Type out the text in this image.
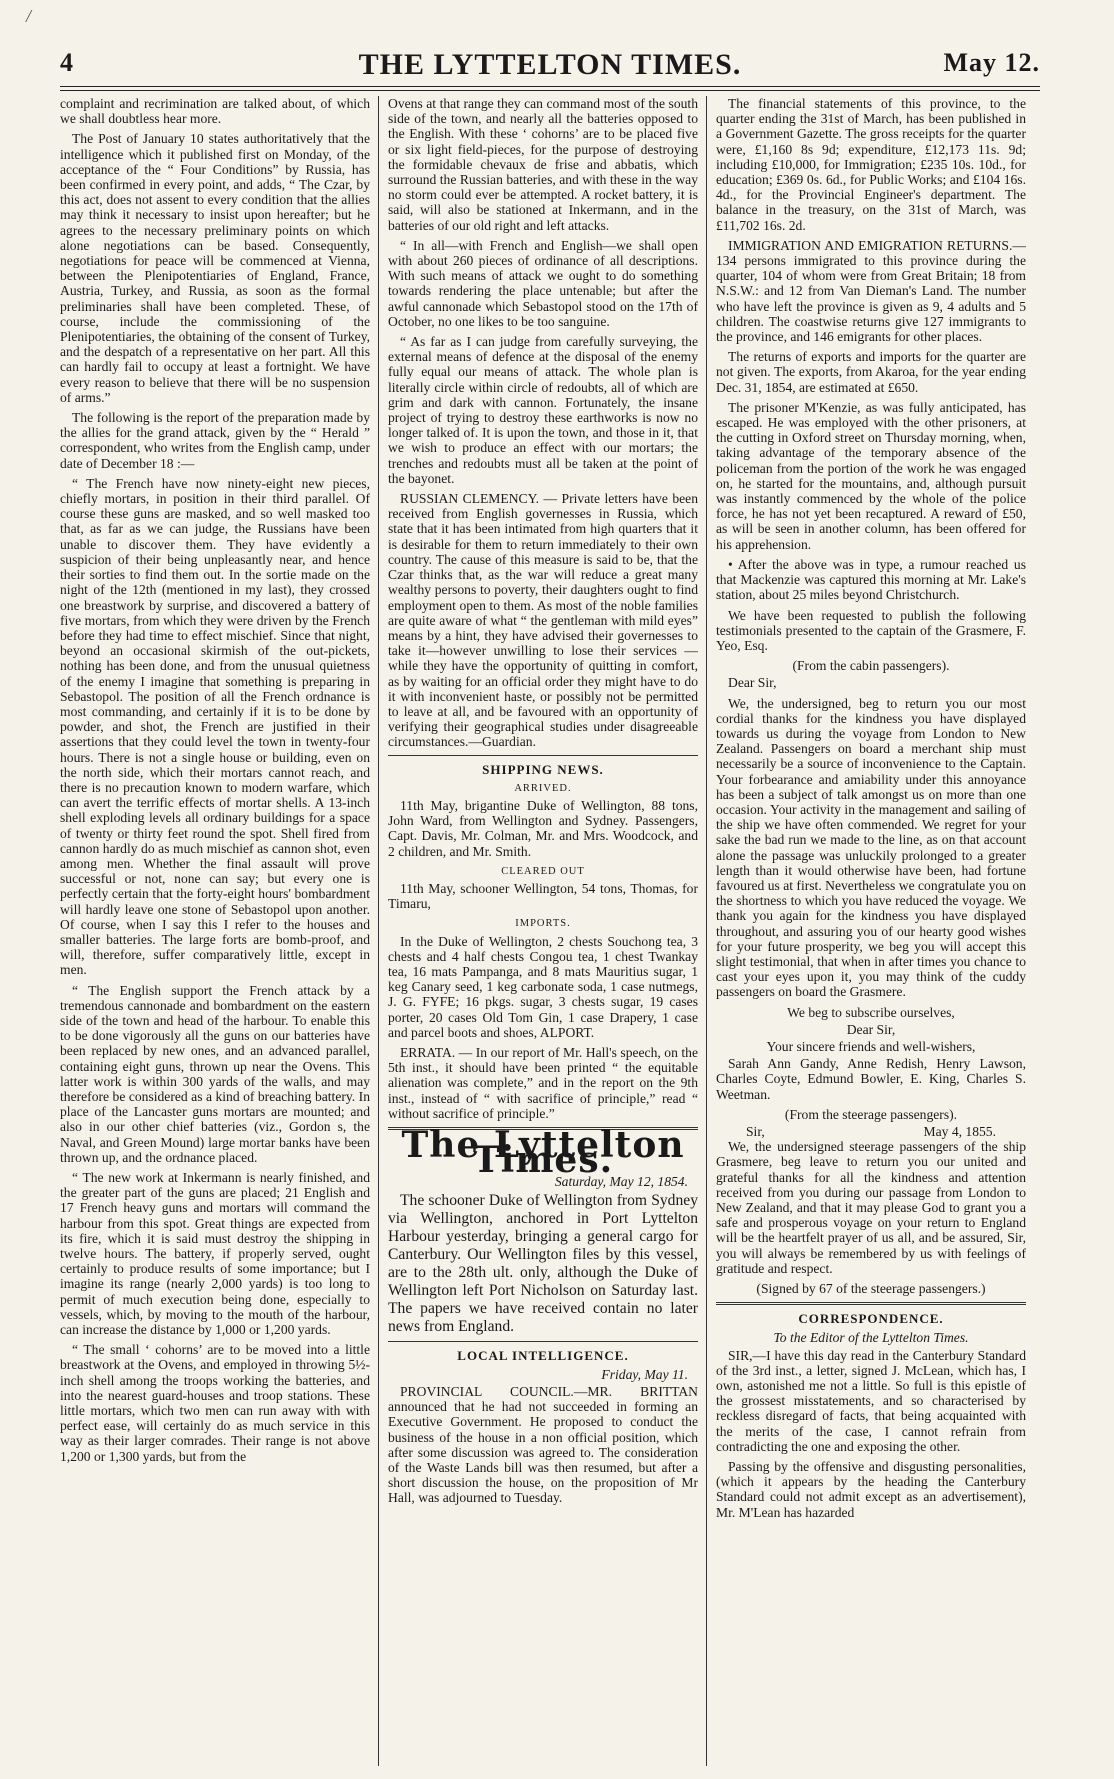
/
THE LYTTELTON TIMES.
4	May 12.

complaint and recrimination are talked about, of which we shall doubtless hear more.

The Post of January 10 states authoritatively that the intelligence which it published first on Monday, of the acceptance of the “ Four Conditions” by Russia, has been confirmed in every point, and adds, “ The Czar, by this act, does not assent to every condition that the allies may think it necessary to insist upon hereafter; but he agrees to the necessary preliminary points on which alone negotiations can be based. Consequently, negotiations for peace will be commenced at Vienna, between the Plenipotentiaries of England, France, Austria, Turkey, and Russia, as soon as the formal preliminaries shall have been completed. These, of course, include the commissioning of the Plenipotentiaries, the obtaining of the consent of Turkey, and the despatch of a representative on her part. All this can hardly fail to occupy at least a fortnight. We have every reason to believe that there will be no suspension of arms.”

The following is the report of the preparation made by the allies for the grand attack, given by the “ Herald ” correspondent, who writes from the English camp, under date of December 18 :—

“ The French have now ninety-eight new pieces, chiefly mortars, in position in their third parallel. Of course these guns are masked, and so well masked too that, as far as we can judge, the Russians have been unable to discover them. They have evidently a suspicion of their being unpleasantly near, and hence their sorties to find them out. In the sortie made on the night of the 12th (mentioned in my last), they crossed one breastwork by surprise, and discovered a battery of five mortars, from which they were driven by the French before they had time to effect mischief. Since that night, beyond an occasional skirmish of the out-pickets, nothing has been done, and from the unusual quietness of the enemy I imagine that something is preparing in Sebastopol. The position of all the French ordnance is most commanding, and certainly if it is to be done by powder, and shot, the French are justified in their assertions that they could level the town in twenty-four hours. There is not a single house or building, even on the north side, which their mortars cannot reach, and there is no precaution known to modern warfare, which can avert the terrific effects of mortar shells. A 13-inch shell exploding levels all ordinary buildings for a space of twenty or thirty feet round the spot. Shell fired from cannon hardly do as much mischief as cannon shot, even among men. Whether the final assault will prove successful or not, none can say; but every one is perfectly certain that the forty-eight hours' bombardment will hardly leave one stone of Sebastopol upon another. Of course, when I say this I refer to the houses and smaller batteries. The large forts are bomb-proof, and will, therefore, suffer comparatively little, except in men.

“ The English support the French attack by a tremendous cannonade and bombardment on the eastern side of the town and head of the harbour. To enable this to be done vigorously all the guns on our batteries have been replaced by new ones, and an advanced parallel, containing eight guns, thrown up near the Ovens. This latter work is within 300 yards of the walls, and may therefore be considered as a kind of breaching battery. In place of the Lancaster guns mortars are mounted; and also in our other chief batteries (viz., Gordon s, the Naval, and Green Mound) large mortar banks have been thrown up, and the ordnance placed.

“ The new work at Inkermann is nearly finished, and the greater part of the guns are placed; 21 English and 17 French heavy guns and mortars will command the harbour from this spot. Great things are expected from its fire, which it is said must destroy the shipping in twelve hours. The battery, if properly served, ought certainly to produce results of some importance; but I imagine its range (nearly 2,000 yards) is too long to permit of much execution being done, especially to vessels, which, by moving to the mouth of the harbour, can increase the distance by 1,000 or 1,200 yards.

“ The small ‘ cohorns’ are to be moved into a little breastwork at the Ovens, and employed in throwing 5½-inch shell among the troops working the batteries, and into the nearest guard-houses and troop stations. These little mortars, which two men can run away with with perfect ease, will certainly do as much service in this way as their larger comrades. Their range is not above 1,200 or 1,300 yards, but from the

Ovens at that range they can command most of the south side of the town, and nearly all the batteries opposed to the English. With these ‘ cohorns’ are to be placed five or six light field-pieces, for the purpose of destroying the formidable chevaux de frise and abbatis, which surround the Russian batteries, and with these in the way no storm could ever be attempted. A rocket battery, it is said, will also be stationed at Inkermann, and in the batteries of our old right and left attacks.

“ In all—with French and English—we shall open with about 260 pieces of ordinance of all descriptions. With such means of attack we ought to do something towards rendering the place untenable; but after the awful cannonade which Sebastopol stood on the 17th of October, no one likes to be too sanguine.

“ As far as I can judge from carefully surveying, the external means of defence at the disposal of the enemy fully equal our means of attack. The whole plan is literally circle within circle of redoubts, all of which are grim and dark with cannon. Fortunately, the insane project of trying to destroy these earthworks is now no longer talked of. It is upon the town, and those in it, that we wish to produce an effect with our mortars; the trenches and redoubts must all be taken at the point of the bayonet.

RUSSIAN CLEMENCY. — Private letters have been received from English governesses in Russia, which state that it has been intimated from high quarters that it is desirable for them to return immediately to their own country. The cause of this measure is said to be, that the Czar thinks that, as the war will reduce a great many wealthy persons to poverty, their daughters ought to find employment open to them. As most of the noble families are quite aware of what “ the gentleman with mild eyes” means by a hint, they have advised their governesses to take it—however unwilling to lose their services —while they have the opportunity of quitting in comfort, as by waiting for an official order they might have to do it with inconvenient haste, or possibly not be permitted to leave at all, and be favoured with an opportunity of verifying their geographical studies under disagreeable circumstances.—Guardian.

SHIPPING NEWS.
ARRIVED.

11th May, brigantine Duke of Wellington, 88 tons, John Ward, from Wellington and Sydney. Passengers, Capt. Davis, Mr. Colman, Mr. and Mrs. Woodcock, and 2 children, and Mr. Smith.

CLEARED OUT

11th May, schooner Wellington, 54 tons, Thomas, for Timaru,

IMPORTS.

In the Duke of Wellington, 2 chests Souchong tea, 3 chests and 4 half chests Congou tea, 1 chest Twankay tea, 16 mats Pampanga, and 8 mats Mauritius sugar, 1 keg Canary seed, 1 keg carbonate soda, 1 case nutmegs, J. G. FYFE; 16 pkgs. sugar, 3 chests sugar, 19 cases porter, 20 cases Old Tom Gin, 1 case Drapery, 1 case and parcel boots and shoes, ALPORT.

ERRATA. — In our report of Mr. Hall's speech, on the 5th inst., it should have been printed “ the equitable alienation was complete,” and in the report on the 9th inst., instead of “ with sacrifice of principle,” read “ without sacrifice of principle.”

The Lyttelton Times.
Saturday, May 12, 1854.

The schooner Duke of Wellington from Sydney via Wellington, anchored in Port Lyttelton Harbour yesterday, bringing a general cargo for Canterbury. Our Wellington files by this vessel, are to the 28th ult. only, although the Duke of Wellington left Port Nicholson on Saturday last. The papers we have received contain no later news from England.

LOCAL INTELLIGENCE.
Friday, May 11.

PROVINCIAL COUNCIL.—MR. BRITTAN announced that he had not succeeded in forming an Executive Government. He proposed to conduct the business of the house in a non official position, which after some discussion was agreed to. The consideration of the Waste Lands bill was then resumed, but after a short discussion the house, on the proposition of Mr Hall, was adjourned to Tuesday.

The financial statements of this province, to the quarter ending the 31st of March, has been published in a Government Gazette. The gross receipts for the quarter were, £1,160 8s 9d; expenditure, £12,173 11s. 9d; including £10,000, for Immigration; £235 10s. 10d., for education; £369 0s. 6d., for Public Works; and £104 16s. 4d., for the Provincial Engineer's department. The balance in the treasury, on the 31st of March, was £11,702 16s. 2d.

IMMIGRATION AND EMIGRATION RETURNS.— 134 persons immigrated to this province during the quarter, 104 of whom were from Great Britain; 18 from N.S.W.: and 12 from Van Dieman's Land. The number who have left the province is given as 9, 4 adults and 5 children. The coastwise returns give 127 immigrants to the province, and 146 emigrants for other places.

The returns of exports and imports for the quarter are not given. The exports, from Akaroa, for the year ending Dec. 31, 1854, are estimated at £650.

The prisoner M'Kenzie, as was fully anticipated, has escaped. He was employed with the other prisoners, at the cutting in Oxford street on Thursday morning, when, taking advantage of the temporary absence of the policeman from the portion of the work he was engaged on, he started for the mountains, and, although pursuit was instantly commenced by the whole of the police force, he has not yet been recaptured. A reward of £50, as will be seen in another column, has been offered for his apprehension.

• After the above was in type, a rumour reached us that Mackenzie was captured this morning at Mr. Lake's station, about 25 miles beyond Christchurch.

We have been requested to publish the following testimonials presented to the captain of the Grasmere, F. Yeo, Esq.

(From the cabin passengers).

Dear Sir,

We, the undersigned, beg to return you our most cordial thanks for the kindness you have displayed towards us during the voyage from London to New Zealand. Passengers on board a merchant ship must necessarily be a source of inconvenience to the Captain. Your forbearance and amiability under this annoyance has been a subject of talk amongst us on more than one occasion. Your activity in the management and sailing of the ship we have often commended. We regret for your sake the bad run we made to the line, as on that account alone the passage was unluckily prolonged to a greater length than it would otherwise have been, had fortune favoured us at first. Nevertheless we congratulate you on the shortness to which you have reduced the voyage. We thank you again for the kindness you have displayed throughout, and assuring you of our hearty good wishes for your future prosperity, we beg you will accept this slight testimonial, that when in after times you chance to cast your eyes upon it, you may think of the cuddy passengers on board the Grasmere.

We beg to subscribe ourselves,
Dear Sir,
Your sincere friends and well-wishers,

Sarah Ann Gandy, Anne Redish, Henry Lawson, Charles Coyte, Edmund Bowler, E. King, Charles S. Weetman.

(From the steerage passengers).
Sir,	May 4, 1855.

We, the undersigned steerage passengers of the ship Grasmere, beg leave to return you our united and grateful thanks for all the kindness and attention received from you during our passage from London to New Zealand, and that it may please God to grant you a safe and prosperous voyage on your return to England will be the heartfelt prayer of us all, and be assured, Sir, you will always be remembered by us with feelings of gratitude and respect.

(Signed by 67 of the steerage passengers.)
CORRESPONDENCE.
To the Editor of the Lyttelton Times.

SIR,—I have this day read in the Canterbury Standard of the 3rd inst., a letter, signed J. McLean, which has, I own, astonished me not a little. So full is this epistle of the grossest misstatements, and so characterised by reckless disregard of facts, that being acquainted with the merits of the case, I cannot refrain from contradicting the one and exposing the other.

Passing by the offensive and disgusting personalities, (which it appears by the heading the Canterbury Standard could not admit except as an advertisement), Mr. M'Lean has hazarded
